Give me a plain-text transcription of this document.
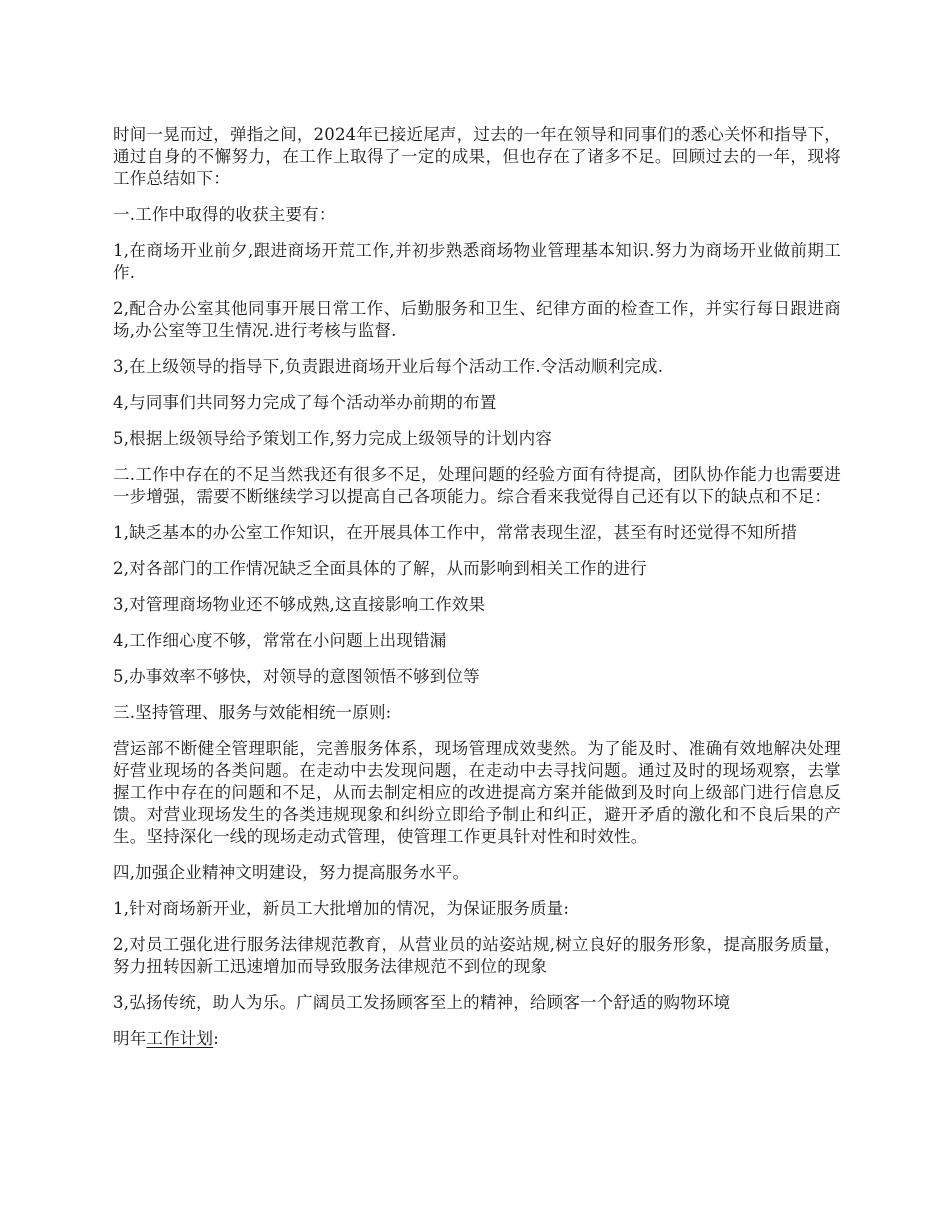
时间一晃而过，弹指之间，2024年已接近尾声，过去的一年在领导和同事们的悉心关怀和指导下，通过自身的不懈努力，在工作上取得了一定的成果，但也存在了诸多不足。回顾过去的一年，现将工作总结如下：

一.工作中取得的收获主要有：

1,在商场开业前夕,跟进商场开荒工作,并初步熟悉商场物业管理基本知识.努力为商场开业做前期工作.

2,配合办公室其他同事开展日常工作、后勤服务和卫生、纪律方面的检查工作，并实行每日跟进商场,办公室等卫生情况.进行考核与监督.

3,在上级领导的指导下,负责跟进商场开业后每个活动工作.令活动顺利完成.

4,与同事们共同努力完成了每个活动举办前期的布置

5,根据上级领导给予策划工作,努力完成上级领导的计划内容

二.工作中存在的不足当然我还有很多不足，处理问题的经验方面有待提高，团队协作能力也需要进一步增强，需要不断继续学习以提高自己各项能力。综合看来我觉得自己还有以下的缺点和不足：

1,缺乏基本的办公室工作知识，在开展具体工作中，常常表现生涩，甚至有时还觉得不知所措

2,对各部门的工作情况缺乏全面具体的了解，从而影响到相关工作的进行

3,对管理商场物业还不够成熟,这直接影响工作效果

4,工作细心度不够，常常在小问题上出现错漏

5,办事效率不够快，对领导的意图领悟不够到位等

三.坚持管理、服务与效能相统一原则:

营运部不断健全管理职能，完善服务体系，现场管理成效斐然。为了能及时、准确有效地解决处理好营业现场的各类问题。在走动中去发现问题，在走动中去寻找问题。通过及时的现场观察，去掌握工作中存在的问题和不足，从而去制定相应的改进提高方案并能做到及时向上级部门进行信息反馈。对营业现场发生的各类违规现象和纠纷立即给予制止和纠正，避开矛盾的激化和不良后果的产生。坚持深化一线的现场走动式管理，使管理工作更具针对性和时效性。

四,加强企业精神文明建设，努力提高服务水平。

1,针对商场新开业，新员工大批增加的情况，为保证服务质量:

2,对员工强化进行服务法律规范教育，从营业员的站姿站规,树立良好的服务形象，提高服务质量，努力扭转因新工迅速增加而导致服务法律规范不到位的现象

3,弘扬传统，助人为乐。广阔员工发扬顾客至上的精神，给顾客一个舒适的购物环境

明年工作计划:
